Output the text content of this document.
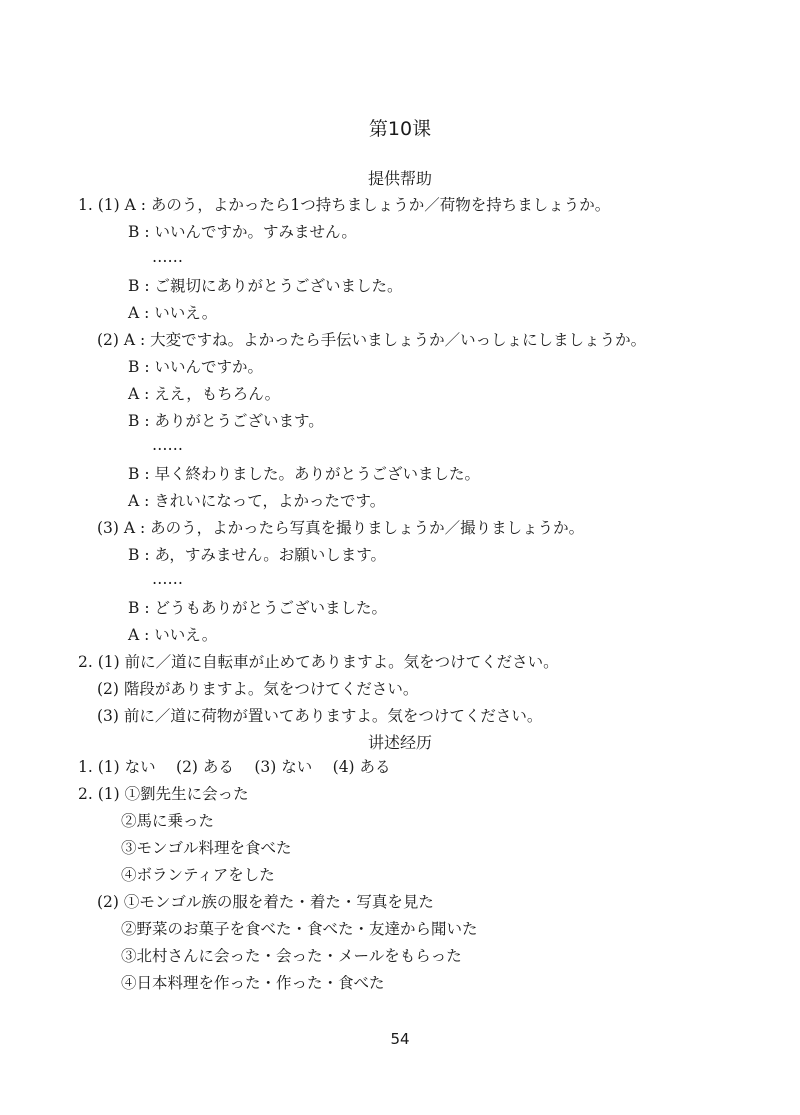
第10课
提供帮助
1. (1) A : あのう，よかったら1つ持ちましょうか／荷物を持ちましょうか。
B : いいんですか。すみません。
……
B : ご親切にありがとうございました。
A : いいえ。
(2) A : 大変ですね。よかったら手伝いましょうか／いっしょにしましょうか。
B : いいんですか。
A : ええ，もちろん。
B : ありがとうございます。
……
B : 早く終わりました。ありがとうございました。
A : きれいになって，よかったです。
(3) A : あのう，よかったら写真を撮りましょうか／撮りましょうか。
B : あ，すみません。お願いします。
……
B : どうもありがとうございました。
A : いいえ。
2. (1) 前に／道に自転車が止めてありますよ。気をつけてください。
(2) 階段がありますよ。気をつけてください。
(3) 前に／道に荷物が置いてありますよ。気をつけてください。
讲述经历
1. (1) ない　 (2) ある　 (3) ない　 (4) ある
2. (1) ①劉先生に会った
②馬に乗った
③モンゴル料理を食べた
④ボランティアをした
(2) ①モンゴル族の服を着た・着た・写真を見た
②野菜のお菓子を食べた・食べた・友達から聞いた
③北村さんに会った・会った・メールをもらった
④日本料理を作った・作った・食べた
54
